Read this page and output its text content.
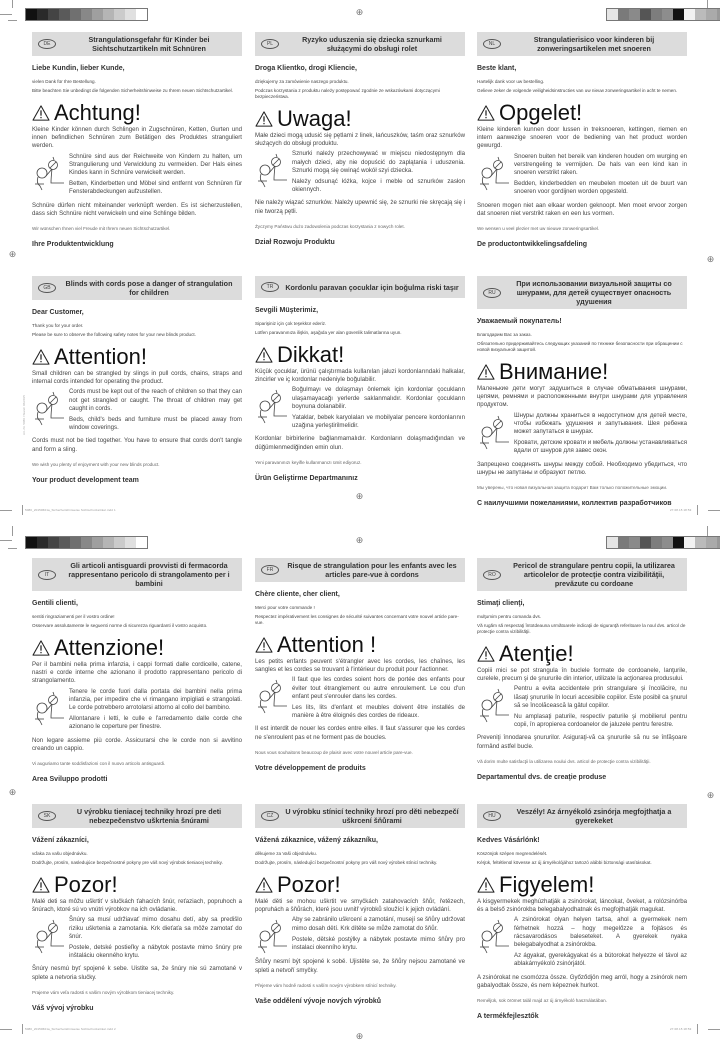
⊕
⊕	⊕
⊕
Art.-Nr. 5080 / Stand: 06/2015
5080_20150601a_Sicherheitshinweise Sichtschutzartikel.indd 1	27.08.15 18:53
⊕
⊕	⊕
⊕
5080_20150601a_Sicherheitshinweise Sichtschutzartikel.indd 2	27.08.15 18:53
DE	Strangulationsgefahr für Kinder bei Sichtschutzartikeln mit Schnüren
Liebe Kundin, lieber Kunde,
vielen Dank für Ihre Bestellung.
Bitte beachten Sie unbedingt die folgenden Sicherheitshinweise zu Ihrem neuen Sichtschutzartikel.
Achtung!
Kleine Kinder können durch Schlingen in Zugschnüren, Ketten, Gurten und innen befindlichen Schnüren zum Betätigen des Produktes stranguliert werden.
Schnüre sind aus der Reichweite von Kindern zu halten, um Strangulierung und Verwicklung zu vermeiden. Der Hals eines Kindes kann in Schnüre verwickelt werden.
Betten, Kinderbetten und Möbel sind entfernt von Schnüren für Fensterabdeckungen aufzustellen.
Schnüre dürfen nicht miteinander verknüpft werden. Es ist sicherzustellen, dass sich Schnüre nicht verwickeln und eine Schlinge bilden.
Wir wünschen Ihnen viel Freude mit Ihrem neuen Sichtschutzartikel.
Ihre Produktentwicklung
PL	Ryzyko uduszenia się dziecka sznurkami służącymi do obsługi rolet
Droga Klientko, drogi Kliencie,
dziękujemy za zamówienie naszego produktu.
Podczas korzystania z produktu należy postępować zgodnie ze wskazówkami dotyczącymi bezpieczeństwa.
Uwaga!
Małe dzieci mogą udusić się pętlami z linek, łańcuszków, taśm oraz sznurków służących do obsługi produktu.
Sznurki należy przechowywać w miejscu niedostępnym dla małych dzieci, aby nie dopuścić do zaplątania i uduszenia. Sznurki mogą się owinąć wokół szyi dziecka.
Należy odsunąć łóżka, kojce i meble od sznurków zasłon okiennych.
Nie należy wiązać sznurków. Należy upewnić się, że sznurki nie skręcają się i nie tworzą pętli.
Życzymy Państwu dużo zadowolenia podczas korzystania z nowych rolet.
Dział Rozwoju Produktu
NL	Strangulatierisico voor kinderen bij zonweringsartikelen met snoeren
Beste klant,
Hartelijk dank voor uw bestelling.
Gelieve zeker de volgende veiligheidsinstructies van uw nieuw zonweringsartikel in acht te nemen.
Opgelet!
Kleine kinderen kunnen door lussen in treksnoeren, kettingen, riemen en intern aanwezige snoeren voor de bediening van het product worden gewurgd.
Snoeren buiten het bereik van kinderen houden om wurging en verstrengeling te vermijden. De hals van een kind kan in snoeren verstrikt raken.
Bedden, kinderbedden en meubelen moeten uit de buurt van snoeren voor gordijnen worden opgesteld.
Snoeren mogen niet aan elkaar worden geknoopt. Men moet ervoor zorgen dat snoeren niet verstrikt raken en een lus vormen.
We wensen u veel plezier met uw nieuwe zonweringsartikel.
De productontwikkelingsafdeling
GB	Blinds with cords pose a danger of strangulation for children
Dear Customer,
Thank you for your order.
Please be sure to observe the following safety notes for your new blinds product.
Attention!
Small children can be strangled by slings in pull cords, chains, straps and internal cords intended for operating the product.
Cords must be kept out of the reach of children so that they can not get strangled or caught. The throat of children may get caught in cords.
Beds, child's beds and furniture must be placed away from window coverings.
Cords must not be tied together. You have to ensure that cords don't tangle and form a sling.
We wish you plenty of enjoyment with your new blinds product.
Your product development team
TR	Kordonlu paravan çocuklar için boğulma riski taşır
Sevgili Müşterimiz,
Siparişiniz için çok teşekkür ederiz.
Lütfen paravanınıza ilişkin, aşağıda yer alan güvenlik talimatlarına uyun.
Dikkat!
Küçük çocuklar, ürünü çalıştırmada kullanılan jaluzi kordonlarındaki halkalar, zincirler ve iç kordonlar nedeniyle boğulabilir.
Boğulmayı ve dolaşmayı önlemek için kordonlar çocukların ulaşamayacağı yerlerde saklanmalıdır. Kordonlar çocukların boynuna dolanabilir.
Yataklar, bebek karyolaları ve mobilyalar pencere kordonlarının uzağına yerleştirilmelidir.
Kordonlar birbirlerine bağlanmamalıdır. Kordonların dolaşmadığından ve düğümlenmediğinden emin olun.
Yeni paravanınızı keyifle kullanmanızı ümit ediyoruz.
Ürün Geliştirme Departmanınız
RU
При использовании визуальной защиты со шнурами, для детей существует опасность удушения
Уважаемый покупатель!
Благодарим Вас за заказ.
Обязательно придерживайтесь следующих указаний по технике безопасности при обращении с новой визуальной защитой.
Внимание!
Маленькие дети могут задушиться в случае обматывания шнурами, цепями, ремнями и расположенными внутри шнурами для управления продуктом.
Шнуры должны храниться в недоступном для детей месте, чтобы избежать удушения и запутывания. Шея ребенка может запутаться в шнурах.
Кровати, детские кровати и мебель должны устанавливаться вдали от шнуров для завес окон.
Запрещено соединять шнуры между собой. Необходимо убедиться, что шнуры не запутаны и образуют петлю.
Мы уверены, что новая визуальная защита подарит Вам только положительные эмоции.
С наилучшими пожеланиями, коллектив разработчиков
IT
Gli articoli antisguardi provvisti di fermacorda rappresentano pericolo di strangolamento per i bambini
Gentili clienti,
sentiti ringraziamenti per il vostro ordine!
Osservare assolutamente le seguenti norme di sicurezza riguardanti il vostro acquisto.
Attenzione!
Per il bambini nella prima infanzia, i cappi formati dalle cordicelle, catene, nastri e corde interne che azionano il prodotto rappresentano pericolo di strangolamento.
Tenere le corde fuori dalla portata dei bambini nella prima infanzia, per impedire che vi rimangano impigliati e strangolati. Le corde potrebbero arrotolarsi attorno al collo del bambino.
Allontanare i letti, le culle e l'arredamento dalle corde che azionano le coperture per finestre.
Non legare assieme più corde. Assicurarsi che le corde non si avvitino creando un cappio.
Vi auguriamo tante soddisfazioni con il nuovo articolo antisguardi.
Area Sviluppo prodotti
FR	Risque de strangulation pour les enfants avec les articles pare-vue à cordons
Chère cliente, cher client,
Merci pour votre commande !
Respectez impérativement les consignes de sécurité suivantes concernant votre nouvel article pare-vue.
Attention !
Les petits enfants peuvent s'étrangler avec les cordes, les chaînes, les sangles et les cordes se trouvant à l'intérieur du produit pour l'actionner.
Il faut que les cordes soient hors de portée des enfants pour éviter tout étranglement ou autre enroulement. Le cou d'un enfant peut s'enrouler dans les cordes.
Les lits, lits d'enfant et meubles doivent être installés de manière à être éloignés des cordes de rideaux.
Il est interdit de nouer les cordes entre elles. Il faut s'assurer que les cordes ne s'enroulent pas et ne forment pas de boucles.
Nous vous souhaitons beaucoup de plaisir avec votre nouvel article pare-vue.
Votre développement de produits
RO
Pericol de strangulare pentru copii, la utilizarea articolelor de protecţie contra vizibilităţii, prevăzute cu cordoane
Stimaţi clienţi,
mulţumim pentru comanda dvs.
Vă rugăm să respectaţi întotdeauna următoarele indicaţii de siguranţă referitoare la noul dvs. articol de protecţie contra vizibilităţii.
Atenţie!
Copiii mici se pot strangula în buclele formate de cordoanele, lanţurile, curelele, precum şi de şnururile din interior, utilizate la acţionarea produsului.
Pentru a evita accidentele prin strangulare şi încolăcire, nu lăsaţi şnururile în locuri accesibile copiilor. Este posibil ca şnurul să se încolăcească la gâtul copiilor.
Nu amplasaţi paturile, respectiv paturile şi mobilierul pentru copii, în apropierea cordoanelor de jaluzele pentru ferestre.
Preveniţi înnodarea şnururilor. Asiguraţi-vă ca şnururile să nu se înfăşoare formând astfel bucle.
Vă dorim multe satisfacţii la utilizarea noului dvs. articol de protecţie contra vizibilităţii.
Departamentul dvs. de creaţie produse
SK	U výrobku tieniacej techniky hrozí pre deti nebezpečenstvo uškrtenia šnúrami
Vážení zákazníci,
vďaka za vašu objednávku.
Dodržujte, prosím, nasledujúce bezpečnostné pokyny pre váš nový výrobok tieniacej techniky.
Pozor!
Malé deti sa môžu uškrtiť v slučkách ťahacích šnúr, reťaziach, popruhoch a šnúrach, ktoré sú vo vnútri výrobkov na ich ovládanie.
Šnúry sa musí udržiavať mimo dosahu detí, aby sa predišlo riziku uškrtenia a zamotania. Krk dieťaťa sa môže zamotať do šnúr.
Postele, detské postieľky a nábytok postavte mimo šnúry pre inštaláciu okenného krytu.
Šnúry nesmú byť spojené k sebe. Uistite sa, že šnúry nie sú zamotané v splete a netvoria slučky.
Prajeme vám veľa radosti s vašim novým výrobkom tieniacej techniky.
Váš vývoj výrobku
CZ	U výrobku stínicí techniky hrozí pro děti nebezpečí uškrcení šňůrami
Vážená zákaznice, vážený zákazníku,
děkujeme za Vaši objednávku.
Dodržujte, prosím, následující bezpečnostní pokyny pro váš nový výrobek stínicí techniky.
Pozor!
Malé děti se mohou uškrtit ve smyčkách zatahovacích šňůr, řetězech, popruhách a šňůrách, které jsou uvnitř výrobků sloužící k jejich ovládání.
Aby se zabránilo uškrcení a zamotání, musejí se šňůry udržovat mimo dosah dětí. Krk dítěte se může zamotat do šňůr.
Postele, dětské postýlky a nábytek postavte mimo šňůry pro instalaci okenního krytu.
Šňůry nesmí být spojené k sobě. Ujistěte se, že šňůry nejsou zamotané ve spleti a netvoří smyčky.
Přejeme vám hodně radosti s vaším novým výrobkem stínicí techniky.
Vaše oddělení vývoje nových výrobků
HU	Veszély! Az árnyékoló zsinórja megfojthatja a gyerekeket
Kedves Vásárlónk!
Köszönjük szépen megrendelését.
Kérjük, feltétlenül kövesse az új árnyékolójához tartozó alábbi biztonsági utasításokat.
Figyelem!
A kisgyermekek meghúzhatják a zsinórokat, láncokat, öveket, a rolózsinórba és a belső zsinórokba belegabalyodhatnak és megfojthatják magukat.
A zsinórokat olyan helyen tartsa, ahol a gyermekek nem férhetnek hozzá – hogy megelőzze a fojtásos és rácsavarodásos baleseteket. A gyerekek nyaka belegabalyodhat a zsinórokba.
Az ágyakat, gyerekágyakat és a bútorokat helyezze el távol az ablakárnyékoló zsinórjától.
A zsinórokat ne csomózza össze. Győződjön meg arról, hogy a zsinórok nem gabalyodtak össze, és nem képeznek hurkot.
Reméljük, sok örömet talál majd az új árnyékoló használatában.
A termékfejlesztők
